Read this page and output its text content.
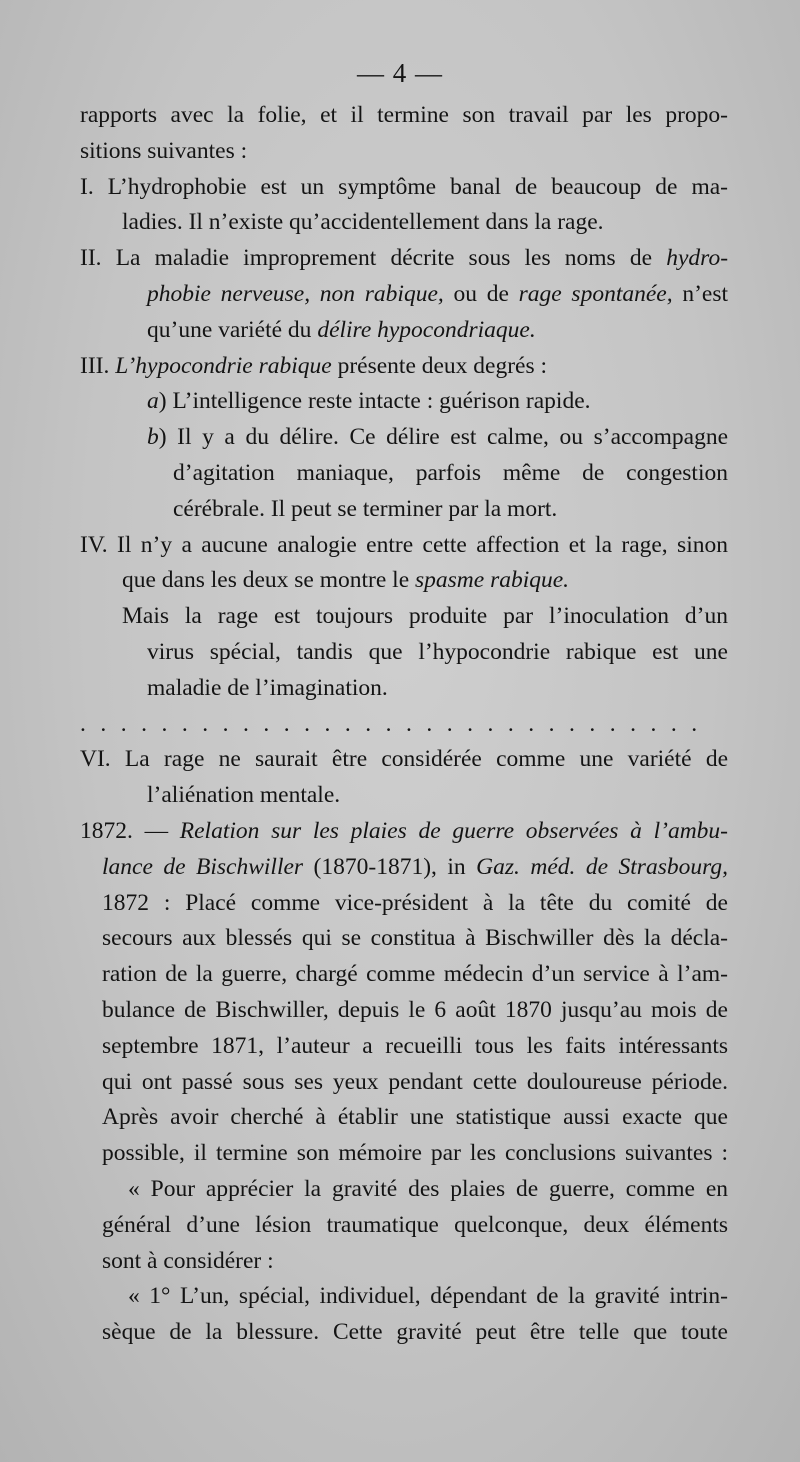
— 4 —

rapports avec la folie, et il termine son travail par les propo-

sitions suivantes :

I. L’hydrophobie est un symptôme banal de beaucoup de ma-

ladies. Il n’existe qu’accidentellement dans la rage.

II. La maladie improprement décrite sous les noms de hydro-

phobie nerveuse, non rabique, ou de rage spontanée, n’est

qu’une variété du délire hypocondriaque.

III. L’hypocondrie rabique présente deux degrés :

a) L’intelligence reste intacte : guérison rapide.

b) Il y a du délire. Ce délire est calme, ou s’accompagne

d’agitation maniaque, parfois même de congestion

cérébrale. Il peut se terminer par la mort.

IV. Il n’y a aucune analogie entre cette affection et la rage, sinon

que dans les deux se montre le spasme rabique.

Mais la rage est toujours produite par l’inoculation d’un

virus spécial, tandis que l’hypocondrie rabique est une

maladie de l’imagination.

...............................

VI. La rage ne saurait être considérée comme une variété de

l’aliénation mentale.

1872. — Relation sur les plaies de guerre observées à l’ambu-

lance de Bischwiller (1870-1871), in Gaz. méd. de Strasbourg,

1872 : Placé comme vice-président à la tête du comité de

secours aux blessés qui se constitua à Bischwiller dès la décla-

ration de la guerre, chargé comme médecin d’un service à l’am-

bulance de Bischwiller, depuis le 6 août 1870 jusqu’au mois de

septembre 1871, l’auteur a recueilli tous les faits intéressants

qui ont passé sous ses yeux pendant cette douloureuse période.

Après avoir cherché à établir une statistique aussi exacte que

possible, il termine son mémoire par les conclusions suivantes :

« Pour apprécier la gravité des plaies de guerre, comme en

général d’une lésion traumatique quelconque, deux éléments

sont à considérer :

« 1° L’un, spécial, individuel, dépendant de la gravité intrin-

sèque de la blessure. Cette gravité peut être telle que toute
